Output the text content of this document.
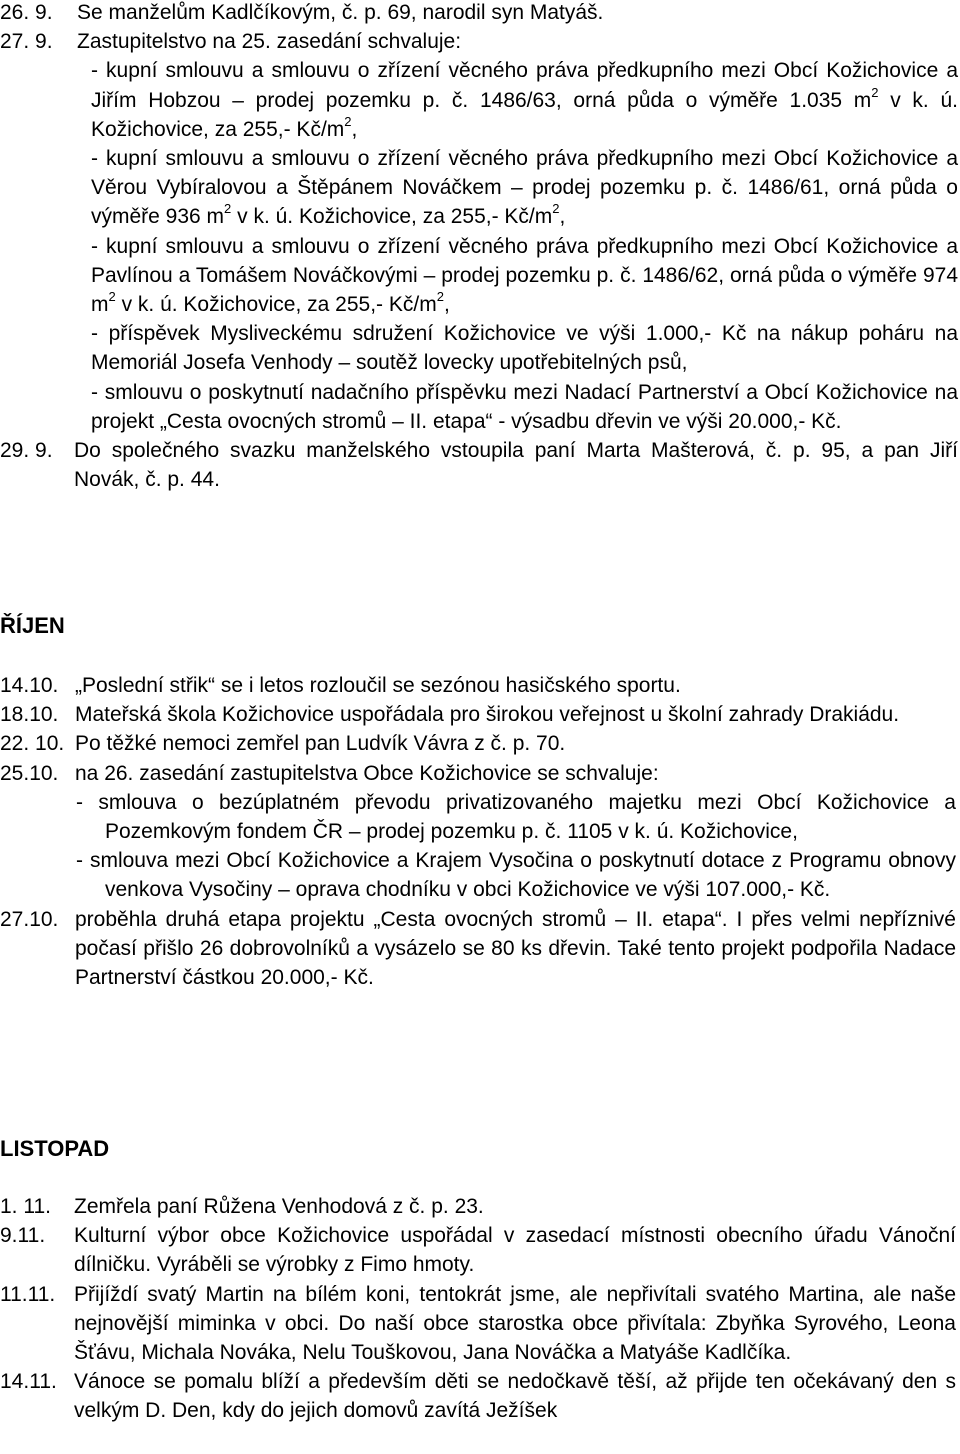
26. 9.	Se manželům Kadlčíkovým, č. p. 69, narodil syn Matyáš.
27. 9.	Zastupitelstvo na 25. zasedání schvaluje:
- kupní smlouvu a smlouvu o zřízení věcného práva předkupního mezi Obcí Kožichovice a Jiřím Hobzou – prodej pozemku p. č. 1486/63, orná půda o výměře 1.035 $m^2$ v k. ú. Kožichovice, za 255,- $Kč/m^2$,
- kupní smlouvu a smlouvu o zřízení věcného práva předkupního mezi Obcí Kožichovice a Věrou Vybíralovou a Štěpánem Nováčkem – prodej pozemku p. č. 1486/61, orná půda o výměře 936 $m^2$ v k. ú. Kožichovice, za 255,- $Kč/m^2$,
- kupní smlouvu a smlouvu o zřízení věcného práva předkupního mezi Obcí Kožichovice a Pavlínou a Tomášem Nováčkovými – prodej pozemku p. č. 1486/62, orná půda o výměře 974 $m^2$ v k. ú. Kožichovice, za 255,- $Kč/m^2$,
- příspěvek Mysliveckému sdružení Kožichovice ve výši 1.000,- Kč na nákup poháru na Memoriál Josefa Venhody – soutěž lovecky upotřebitelných psů,
- smlouvu o poskytnutí nadačního příspěvku mezi Nadací Partnerství a Obcí Kožichovice na projekt „Cesta ovocných stromů – II. etapa“ - výsadbu dřevin ve výši 20.000,- Kč.
29. 9.	Do společného svazku manželského vstoupila paní Marta Mašterová, č. p. 95, a pan Jiří Novák, č. p. 44.
ŘÍJEN
14.10. „Poslední střik“ se i letos rozloučil se sezónou hasičského sportu.
18.10. Mateřská škola Kožichovice uspořádala pro širokou veřejnost u školní zahrady Drakiádu.
22. 10. Po těžké nemoci zemřel pan Ludvík Vávra z č. p. 70.
25.10. na 26. zasedání zastupitelstva Obce Kožichovice se schvaluje:
- smlouva o bezúplatném převodu privatizovaného majetku mezi Obcí Kožichovice a Pozemkovým fondem ČR – prodej pozemku p. č. 1105 v k. ú. Kožichovice,
- smlouva mezi Obcí Kožichovice a Krajem Vysočina o poskytnutí dotace z Programu obnovy venkova Vysočiny – oprava chodníku v obci Kožichovice ve výši 107.000,- Kč.
27.10. proběhla druhá etapa projektu „Cesta ovocných stromů – II. etapa“. I přes velmi nepříznivé počasí přišlo 26 dobrovolníků a vysázelo se 80 ks dřevin. Také tento projekt podpořila Nadace Partnerství částkou 20.000,- Kč.
LISTOPAD
1. 11.	Zemřela paní Růžena Venhodová z č. p. 23.
9.11.	Kulturní výbor obce Kožichovice uspořádal v zasedací místnosti obecního úřadu Vánoční dílničku. Vyráběli se výrobky z Fimo hmoty.
11.11. Přijíždí svatý Martin na bílém koni, tentokrát jsme, ale nepřivítali svatého Martina, ale naše nejnovější miminka v obci. Do naší obce starostka obce přivítala: Zbyňka Syrového, Leona Šťávu, Michala Nováka, Nelu Touškovou, Jana Nováčka a Matyáše Kadlčíka.
14.11. Vánoce se pomalu blíží a především děti se nedočkavě těší, až přijde ten očekávaný den s velkým D. Den, kdy do jejich domovů zavítá Ježíšek
